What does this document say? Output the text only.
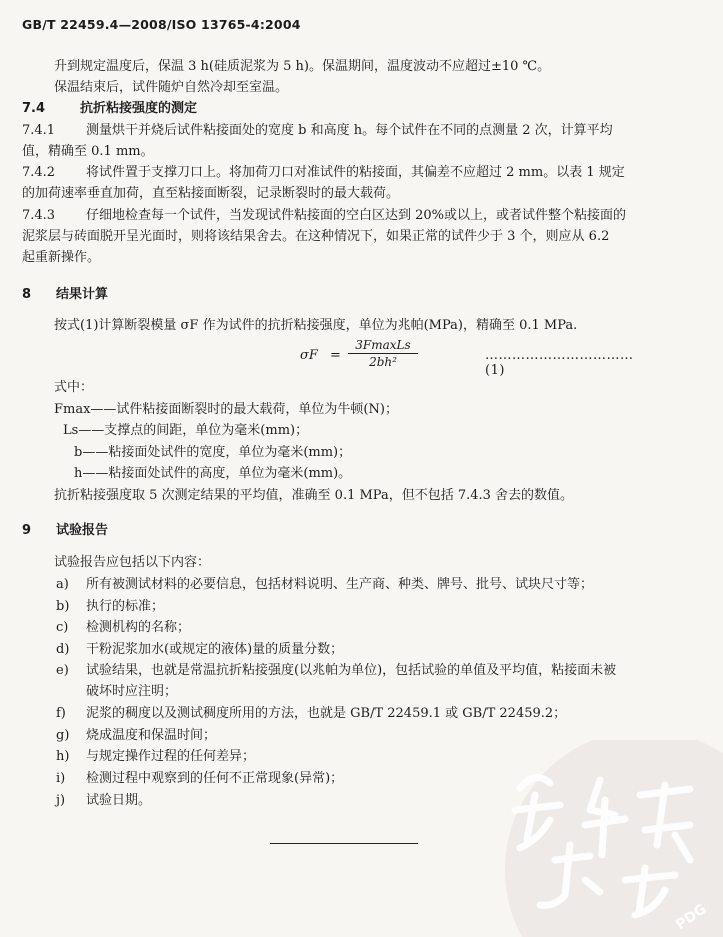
GB/T 22459.4—2008/ISO 13765-4:2004
升到规定温度后，保温 3 h(硅质泥浆为 5 h)。保温期间，温度波动不应超过±10 ℃。
保温结束后，试件随炉自然冷却至室温。
7.4	抗折粘接强度的测定
7.4.1 测量烘干并烧后试件粘接面处的宽度 b 和高度 h。每个试件在不同的点测量 2 次，计算平均
值，精确至 0.1 mm。
7.4.2 将试件置于支撑刀口上。将加荷刀口对准试件的粘接面，其偏差不应超过 2 mm。以表 1 规定
的加荷速率垂直加荷，直至粘接面断裂，记录断裂时的最大载荷。
7.4.3 仔细地检查每一个试件，当发现试件粘接面的空白区达到 20%或以上，或者试件整个粘接面的
泥浆层与砖面脱开呈光面时，则将该结果舍去。在这种情况下，如果正常的试件少于 3 个，则应从 6.2
起重新操作。
8 结果计算
按式(1)计算断裂模量 σF 作为试件的抗折粘接强度，单位为兆帕(MPa)，精确至 0.1 MPa.
σF =
3FmaxLs
2bh²	……………………………(1)
式中：
Fmax——试件粘接面断裂时的最大载荷，单位为牛顿(N)；
Ls——支撑点的间距，单位为毫米(mm)；
b——粘接面处试件的宽度，单位为毫米(mm)；
h——粘接面处试件的高度，单位为毫米(mm)。
抗折粘接强度取 5 次测定结果的平均值，准确至 0.1 MPa，但不包括 7.4.3 舍去的数值。
9 试验报告
试验报告应包括以下内容：
a) 所有被测试材料的必要信息，包括材料说明、生产商、种类、牌号、批号、试块尺寸等；
b) 执行的标准；
c) 检测机构的名称；
d) 干粉泥浆加水(或规定的液体)量的质量分数；
e) 试验结果，也就是常温抗折粘接强度(以兆帕为单位)，包括试验的单值及平均值，粘接面未被
破坏时应注明；
f) 泥浆的稠度以及测试稠度所用的方法，也就是 GB/T 22459.1 或 GB/T 22459.2；
g) 烧成温度和保温时间；
h) 与规定操作过程的任何差异；
i) 检测过程中观察到的任何不正常现象(异常)；
j) 试验日期。
PDG
